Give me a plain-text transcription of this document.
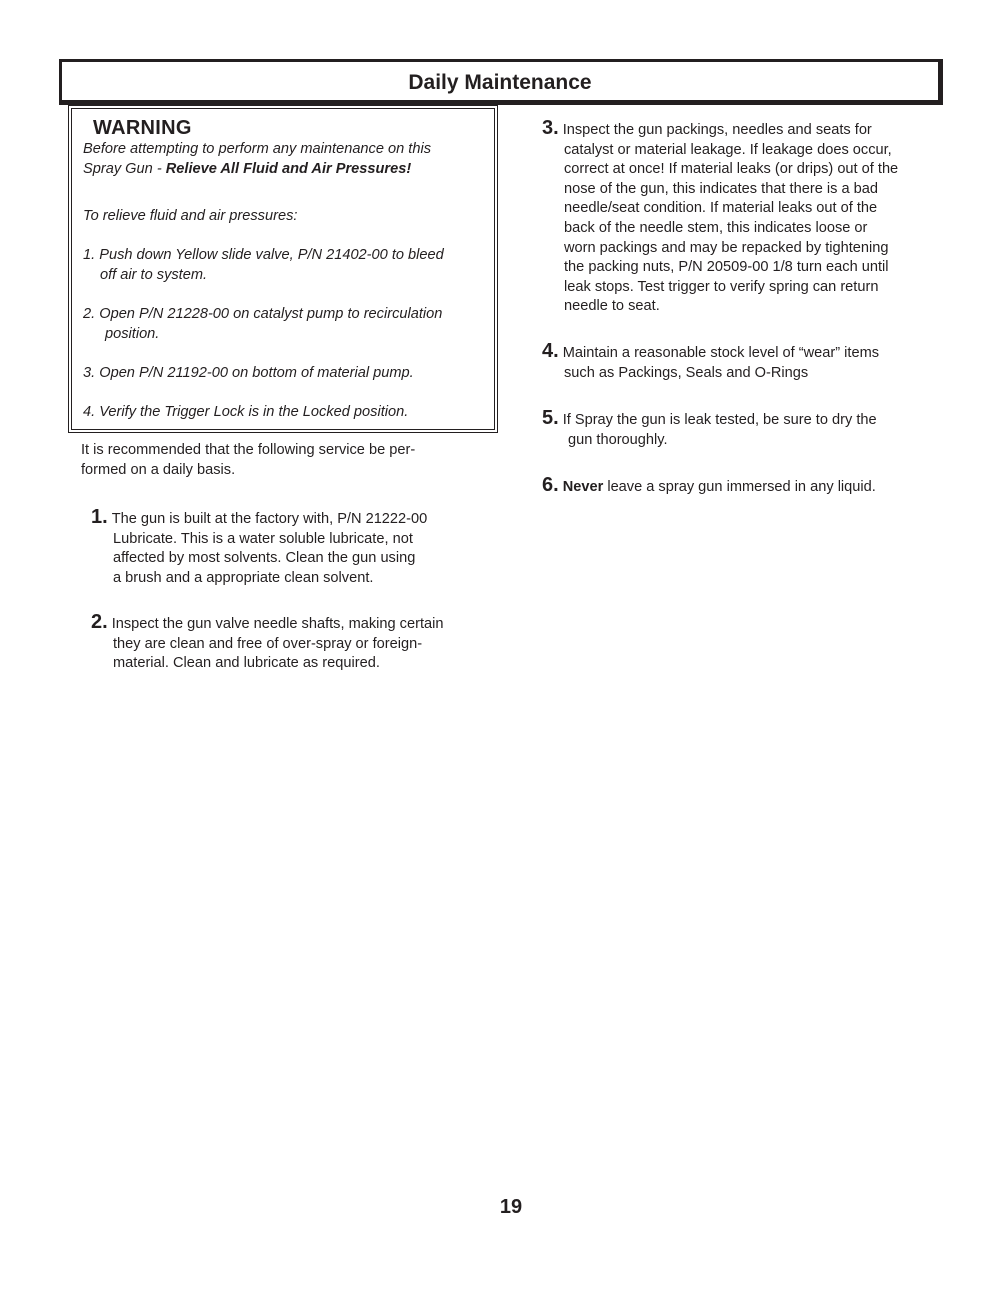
Daily Maintenance
WARNING
Before attempting to perform any maintenance on this
Spray Gun - Relieve All Fluid and Air Pressures!
To relieve fluid and air pressures:
1. Push down Yellow slide valve, P/N 21402-00 to bleed
off air to system.
2. Open P/N 21228-00 on catalyst pump to recirculation
position.
3. Open P/N 21192-00 on bottom of material pump.
4. Verify the Trigger Lock is in the Locked position.
It is recommended that the following service be per-
formed on a daily basis.
1. The gun is built at the factory with, P/N 21222-00
Lubricate. This is a water soluble lubricate, not
affected by most solvents. Clean the gun using
a brush and a appropriate clean solvent.
2. Inspect the gun valve needle shafts, making certain
they are clean and free of over-spray or foreign-
material. Clean and lubricate as required.
3. Inspect the gun packings, needles and seats for
catalyst or material leakage. If leakage does occur,
correct at once! If material leaks (or drips) out of the
nose of the gun, this indicates that there is a bad
needle/seat condition. If material leaks out of the
back of the needle stem, this indicates loose or
worn packings and may be repacked by tightening
the packing nuts, P/N 20509-00 1/8 turn each until
leak stops. Test trigger to verify spring can return
needle to seat.
4. Maintain a reasonable stock level of “wear” items
such as Packings, Seals and O-Rings
5. If Spray the gun is leak tested, be sure to dry the
gun thoroughly.
6. Never leave a spray gun immersed in any liquid.
19
